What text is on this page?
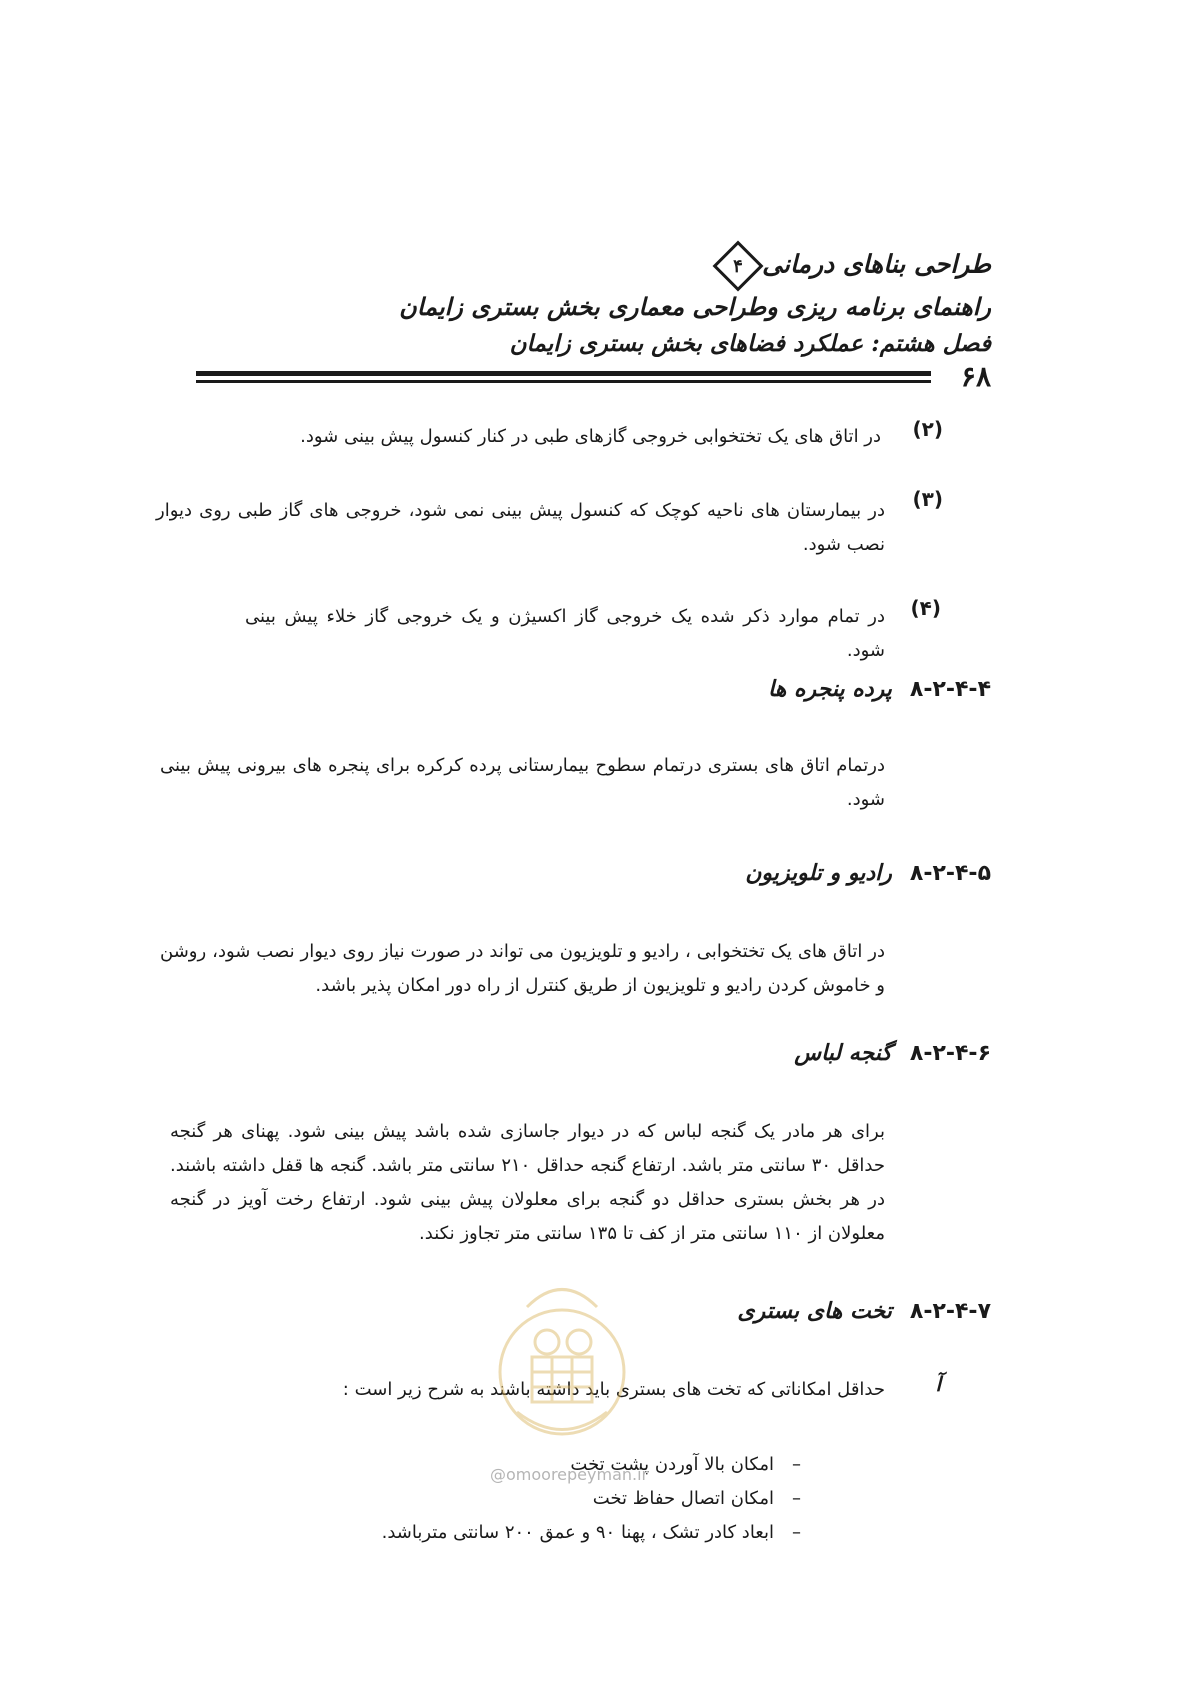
طراحی بناهای درمانی
۴
راهنمای برنامه ریزی وطراحی معماری بخش بستری زایمان
فصل هشتم: عملکرد فضاهای بخش بستری زایمان
۶۸
(۲)
در اتاق های یک تختخوابی خروجی گازهای طبی در کنار کنسول پیش بینی شود.
(۳)
در بیمارستان های ناحیه کوچک که کنسول پیش بینی نمی شود، خروجی های گاز طبی روی دیوار نصب شود.
(۴)
در تمام موارد ذکر شده یک خروجی گاز اکسیژن و یک خروجی گاز خلاء پیش بینی شود.
۸-۲-۴-۴پرده پنجره ها
درتمام اتاق های بستری درتمام سطوح بیمارستانی پرده کرکره برای پنجره های بیرونی پیش بینی شود.
۸-۲-۴-۵رادیو و تلویزیون
در اتاق های یک تختخوابی ، رادیو و تلویزیون می تواند در صورت نیاز روی دیوار نصب شود، روشن و خاموش کردن رادیو و تلویزیون از طریق کنترل از راه دور امکان پذیر باشد.
۸-۲-۴-۶گنجه لباس
برای هر مادر یک گنجه لباس که در دیوار جاسازی شده باشد پیش بینی شود. پهنای هر گنجه حداقل ۳۰ سانتی متر باشد. ارتفاع گنجه حداقل ۲۱۰ سانتی متر باشد. گنجه ها قفل داشته باشند. در هر بخش بستری حداقل دو گنجه برای معلولان پیش بینی شود. ارتفاع رخت آویز در گنجه معلولان از ۱۱۰ سانتی متر از کف تا ۱۳۵ سانتی متر تجاوز نکند.
۸-۲-۴-۷تخت های بستری
آ
حداقل امکاناتی که تخت های بستری باید داشته باشند به شرح زیر است :
–امکان بالا آوردن پشت تخت
–امکان اتصال حفاظ تخت
–ابعاد کادر تشک ، پهنا ۹۰ و عمق ۲۰۰ سانتی مترباشد.
@omoorepeyman.ir
